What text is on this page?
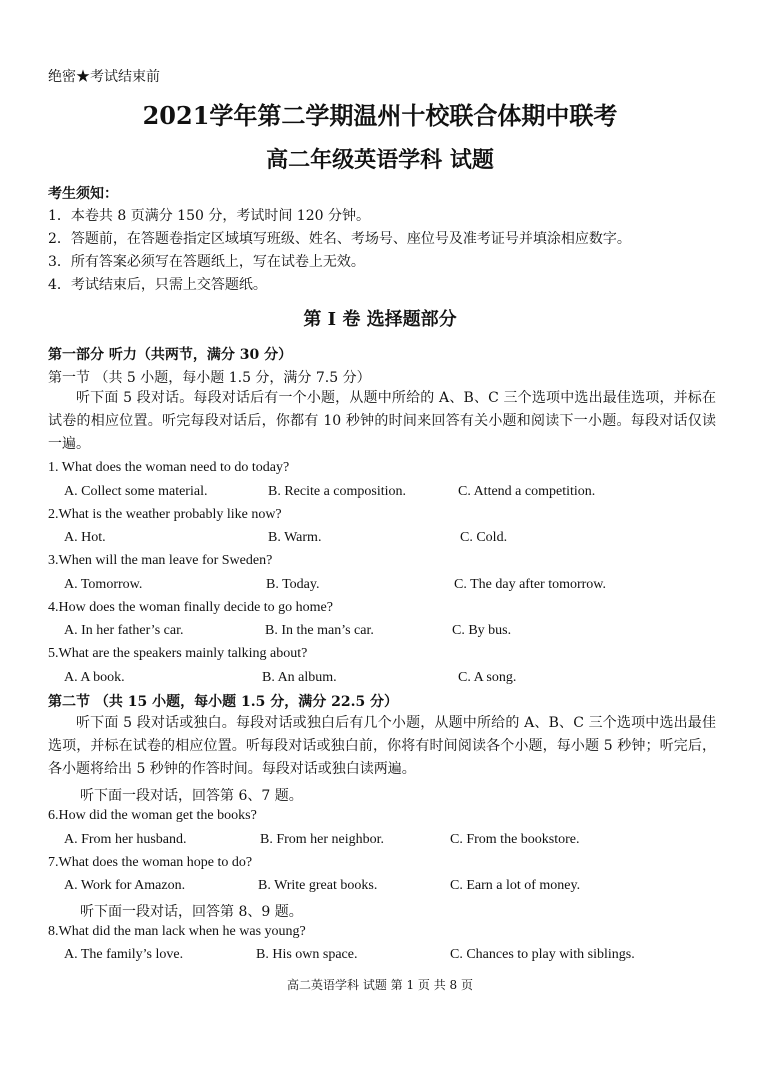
绝密★考试结束前
2021学年第二学期温州十校联合体期中联考
高二年级英语学科 试题
考生须知：
1．本卷共 8 页满分 150 分，考试时间 120 分钟。
2．答题前，在答题卷指定区域填写班级、姓名、考场号、座位号及准考证号并填涂相应数字。
3．所有答案必须写在答题纸上，写在试卷上无效。
4．考试结束后，只需上交答题纸。
第 I 卷 选择题部分
第一部分 听力（共两节，满分 30 分）
第一节 （共 5 小题，每小题 1.5 分，满分 7.5 分）

听下面 5 段对话。每段对话后有一个小题，从题中所给的 A、B、C 三个选项中选出最佳选项，并标在试卷的相应位置。听完每段对话后，你都有 10 秒钟的时间来回答有关小题和阅读下一小题。每段对话仅读一遍。

1. What does the woman need to do today?
A. Collect some material.	B. Recite a composition.	C. Attend a competition.
2.What is the weather probably like now?
A. Hot.	B. Warm.	C. Cold.
3.When will the man leave for Sweden?
A. Tomorrow.	B. Today.	C. The day after tomorrow.
4.How does the woman finally decide to go home?
A. In her father’s car.	B. In the man’s car.	C. By bus.
5.What are the speakers mainly talking about?
A. A book.	B. An album.	C. A song.
第二节 （共 15 小题，每小题 1.5 分，满分 22.5 分）

听下面 5 段对话或独白。每段对话或独白后有几个小题，从题中所给的 A、B、C 三个选项中选出最佳选项，并标在试卷的相应位置。听每段对话或独白前，你将有时间阅读各个小题，每小题 5 秒钟；听完后，各小题将给出 5 秒钟的作答时间。每段对话或独白读两遍。

听下面一段对话，回答第 6、7 题。
6.How did the woman get the books?
A. From her husband.	B. From her neighbor.	C. From the bookstore.
7.What does the woman hope to do?
A. Work for Amazon.	B. Write great books.	C. Earn a lot of money.
听下面一段对话，回答第 8、9 题。
8.What did the man lack when he was young?
A. The family’s love.	B. His own space.	C. Chances to play with siblings.
高二英语学科 试题 第 1 页 共 8 页
